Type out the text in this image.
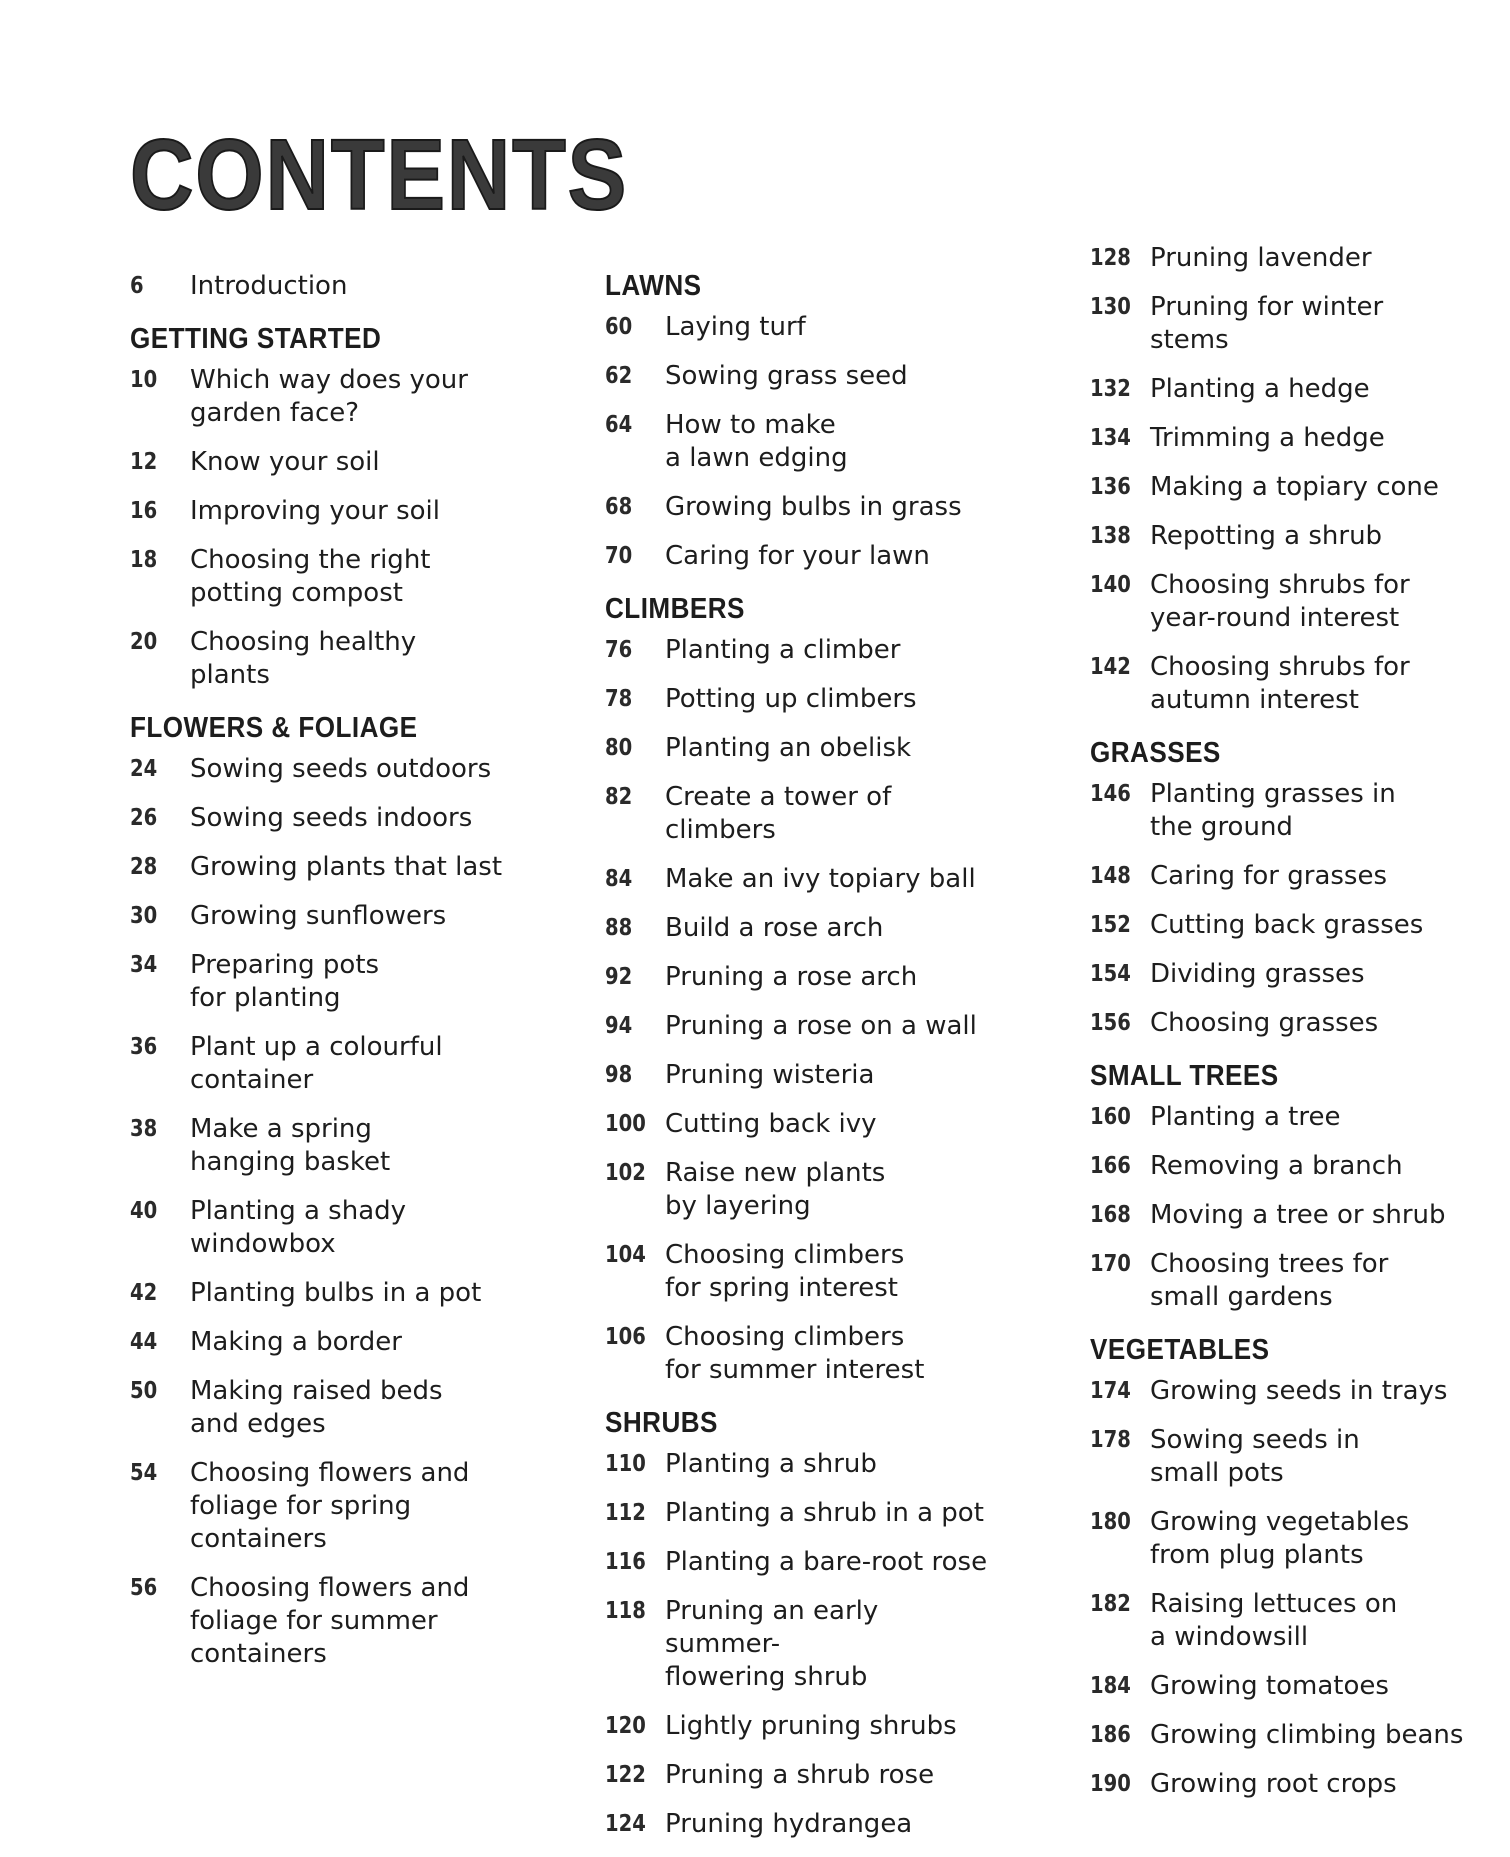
CONTENTS
6	Introduction
GETTING STARTED
10	Which way does your
garden face?
12	Know your soil
16	Improving your soil
18	Choosing the right
potting compost
20	Choosing healthy
plants
FLOWERS & FOLIAGE
24	Sowing seeds outdoors
26	Sowing seeds indoors
28	Growing plants that last
30	Growing sunflowers
34	Preparing pots
for planting
36	Plant up a colourful
container
38	Make a spring
hanging basket
40	Planting a shady
windowbox
42	Planting bulbs in a pot
44	Making a border
50	Making raised beds
and edges
54	Choosing flowers and
foliage for spring
containers
56	Choosing flowers and
foliage for summer
containers
LAWNS
60	Laying turf
62	Sowing grass seed
64	How to make
a lawn edging
68	Growing bulbs in grass
70	Caring for your lawn
CLIMBERS
76	Planting a climber
78	Potting up climbers
80	Planting an obelisk
82	Create a tower of
climbers
84	Make an ivy topiary ball
88	Build a rose arch
92	Pruning a rose arch
94	Pruning a rose on a wall
98	Pruning wisteria
100 Cutting back ivy
102 Raise new plants
by layering
104 Choosing climbers
for spring interest
106 Choosing climbers
for summer interest
SHRUBS
110 Planting a shrub
112 Planting a shrub in a pot
116 Planting a bare-root rose
118 Pruning an early summer-
flowering shrub
120 Lightly pruning shrubs
122 Pruning a shrub rose
124 Pruning hydrangea
128 Pruning lavender
130 Pruning for winter stems
132 Planting a hedge
134 Trimming a hedge
136 Making a topiary cone
138 Repotting a shrub
140 Choosing shrubs for
year-round interest
142 Choosing shrubs for
autumn interest
GRASSES
146 Planting grasses in
the ground
148 Caring for grasses
152 Cutting back grasses
154 Dividing grasses
156 Choosing grasses
SMALL TREES
160 Planting a tree
166 Removing a branch
168 Moving a tree or shrub
170 Choosing trees for
small gardens
VEGETABLES
174 Growing seeds in trays
178 Sowing seeds in
small pots
180 Growing vegetables
from plug plants
182 Raising lettuces on
a windowsill
184 Growing tomatoes
186 Growing climbing beans
190 Growing root crops
